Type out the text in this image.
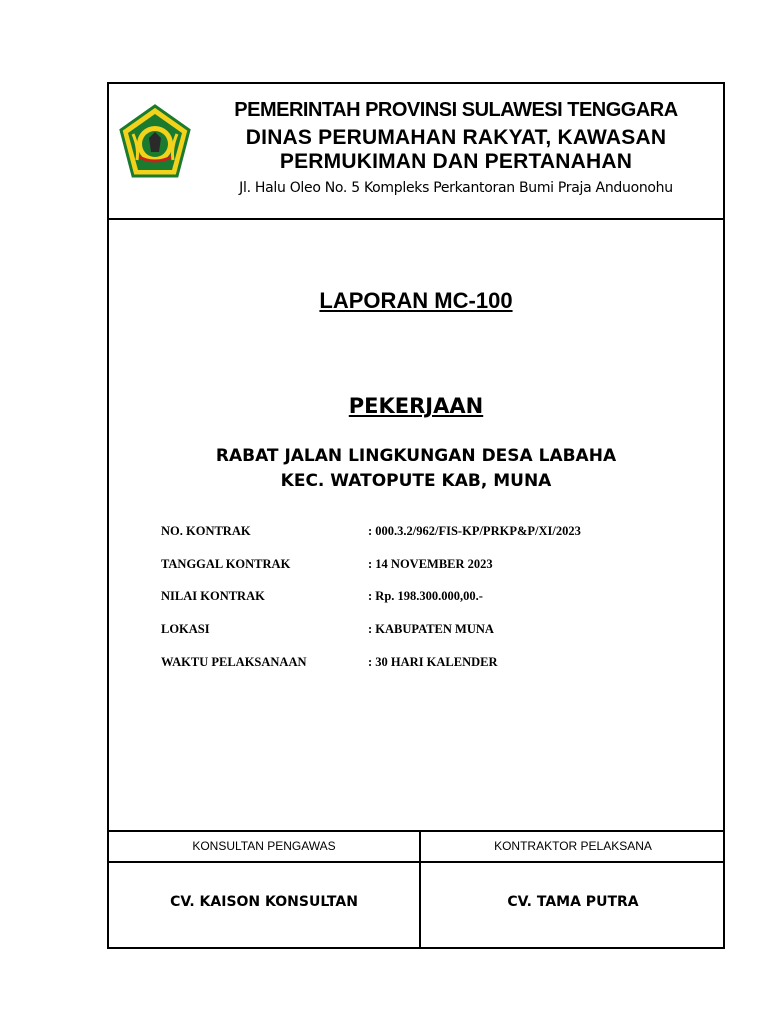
PEMERINTAH PROVINSI SULAWESI TENGGARA
DINAS PERUMAHAN RAKYAT, KAWASAN
PERMUKIMAN DAN PERTANAHAN
Jl. Halu Oleo No. 5 Kompleks Perkantoran Bumi Praja Anduonohu
LAPORAN MC-100
PEKERJAAN
RABAT JALAN LINGKUNGAN DESA LABAHA
KEC. WATOPUTE KAB, MUNA
NO. KONTRAK	: 000.3.2/962/FIS-KP/PRKP&P/XI/2023
TANGGAL KONTRAK	: 14 NOVEMBER 2023
NILAI KONTRAK	: Rp. 198.300.000,00.-
LOKASI	: KABUPATEN MUNA
WAKTU PELAKSANAAN	: 30 HARI KALENDER
KONSULTAN PENGAWAS	KONTRAKTOR PELAKSANA
CV. KAISON KONSULTAN	CV. TAMA PUTRA
